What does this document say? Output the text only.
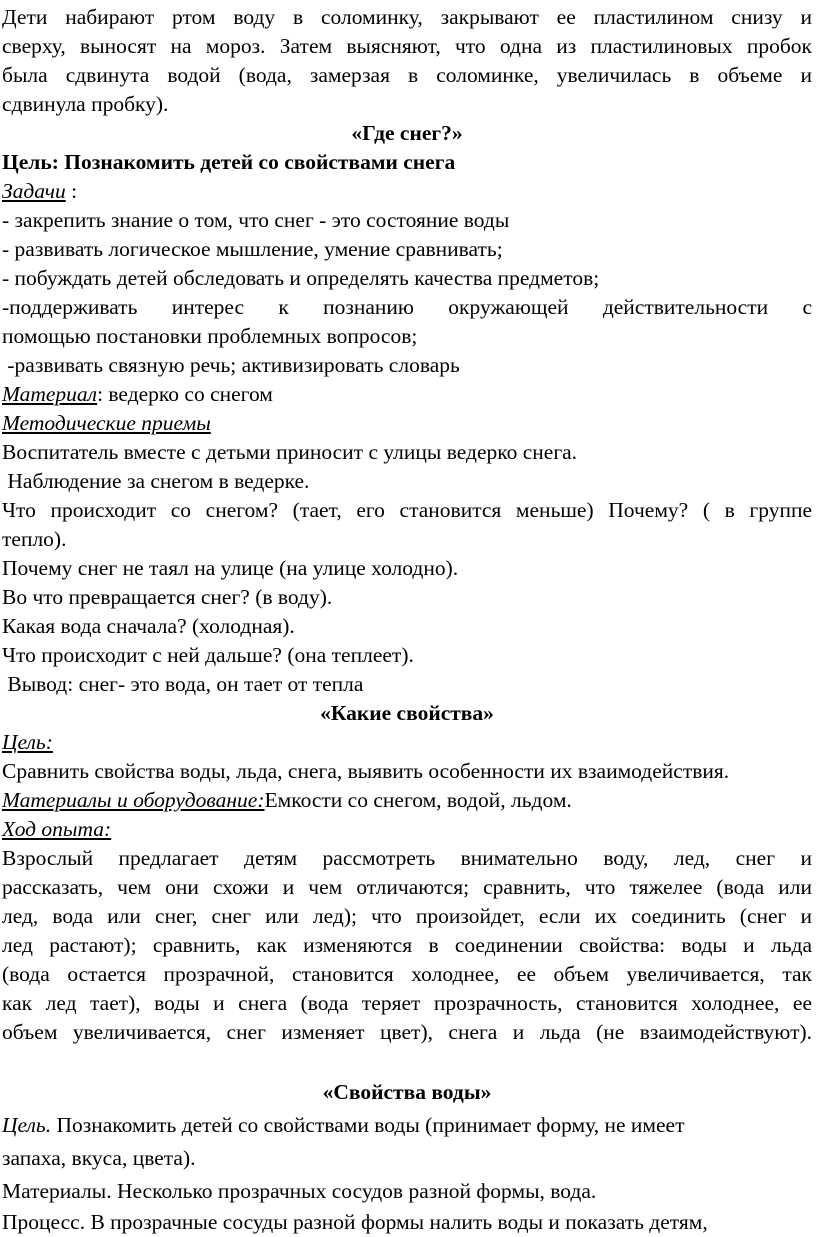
Дети набирают ртом воду в соломинку, закрывают ее пластилином снизу и
сверху, выносят на мороз. Затем выясняют, что одна из пластилиновых пробок
была сдвинута водой (вода, замерзая в соломинке, увеличилась в объеме и
сдвинула пробку).
«Где снег?»
Цель: Познакомить детей со свойствами снега
Задачи :
- закрепить знание о том, что снег - это состояние воды
- развивать логическое мышление, умение сравнивать;
- побуждать детей обследовать и определять качества предметов;
-поддерживать интерес к познанию окружающей действительности с
помощью постановки проблемных вопросов;
-развивать связную речь; активизировать словарь
Материал: ведерко со снегом
Методические приемы
Воспитатель вместе с детьми приносит с улицы ведерко снега.
Наблюдение за снегом в ведерке.
Что происходит со снегом? (тает, его становится меньше) Почему? ( в группе
тепло).
Почему снег не таял на улице (на улице холодно).
Во что превращается снег? (в воду).
Какая вода сначала? (холодная).
Что происходит с ней дальше? (она теплеет).
Вывод: снег- это вода, он тает от тепла
«Какие свойства»
Цель:
Сравнить свойства воды, льда, снега, выявить особенности их взаимодействия.
Материалы и оборудование:Емкости со снегом, водой, льдом.
Ход опыта:
Взрослый предлагает детям рассмотреть внимательно воду, лед, снег и
рассказать, чем они схожи и чем отличаются; сравнить, что тяжелее (вода или
лед, вода или снег, снег или лед); что произойдет, если их соединить (снег и
лед растают); сравнить, как изменяются в соединении свойства: воды и льда
(вода остается прозрачной, становится холоднее, ее объем увеличивается, так
как лед тает), воды и снега (вода теряет прозрачность, становится холоднее, ее
объем увеличивается, снег изменяет цвет), снега и льда (не взаимодействуют).
«Свойства воды»
Цель. Познакомить детей со свойствами воды (принимает форму, не имеет
запаха, вкуса, цвета).
Материалы. Несколько прозрачных сосудов разной формы, вода.
Процесс. В прозрачные сосуды разной формы налить воды и показать детям,
